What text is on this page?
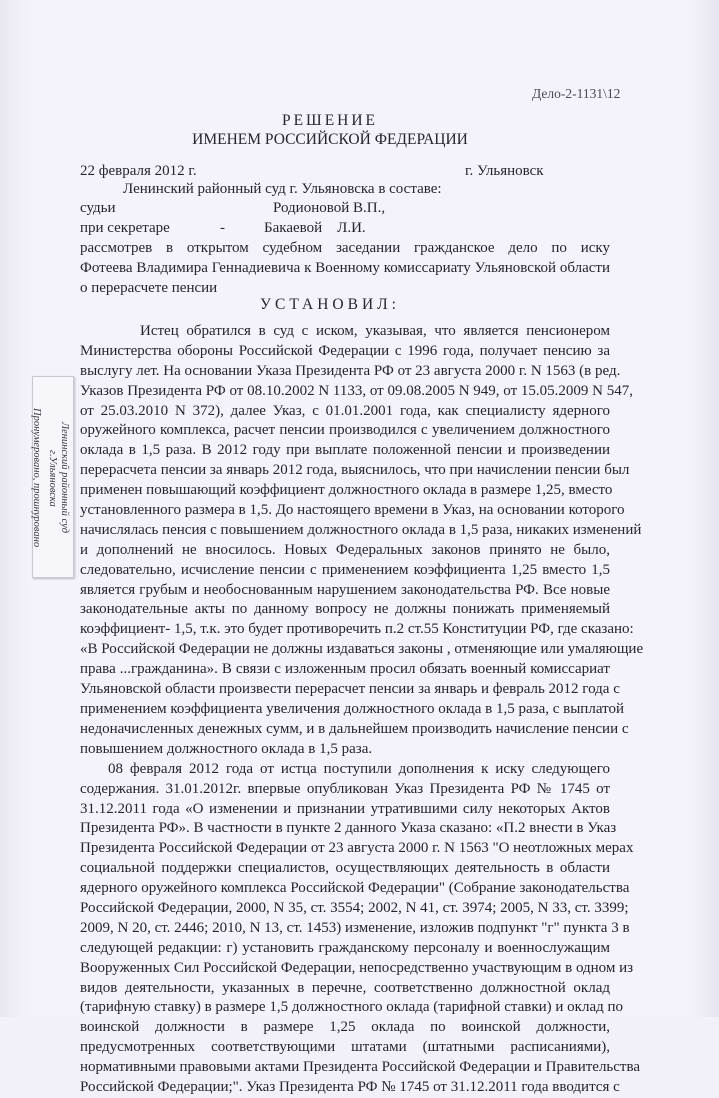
Дело-2-1131\12
РЕШЕНИЕ
ИМЕНЕМ РОССИЙСКОЙ ФЕДЕРАЦИИ
22 февраля 2012 г.	г. Ульяновск
Ленинский районный суд г. Ульяновска в составе:
судьи	Родионовой В.П.,
при секретаре	-	Бакаевой    Л.И.
рассмотрев в открытом судебном заседании гражданское дело по иску
Фотеева Владимира Геннадиевича к Военному комиссариату Ульяновской области
о перерасчете пенсии
УСТАНОВИЛ:
Истец обратился в суд с иском, указывая, что является пенсионером
Министерства обороны Российской Федерации с 1996 года, получает пенсию за
выслугу лет. На основании Указа Президента РФ от 23 августа 2000 г. N 1563 (в ред.
Указов Президента РФ от 08.10.2002 N 1133, от 09.08.2005 N 949, от 15.05.2009 N 547,
от 25.03.2010 N 372), далее Указ, с 01.01.2001 года, как специалисту ядерного
оружейного комплекса, расчет пенсии производился с увеличением должностного
оклада в 1,5 раза. В 2012 году при выплате положенной пенсии и произведении
перерасчета пенсии за январь 2012 года, выяснилось, что при начислении пенсии был
применен повышающий коэффициент должностного оклада в размере 1,25, вместо
установленного размера в 1,5. До настоящего времени в Указ, на основании которого
начислялась пенсия с повышением должностного оклада в 1,5 раза, никаких изменений
и дополнений не вносилось. Новых Федеральных законов принято не было,
следовательно, исчисление пенсии с применением коэффициента 1,25 вместо 1,5
является грубым и необоснованным нарушением законодательства РФ. Все новые
законодательные акты по данному вопросу не должны понижать применяемый
коэффициент- 1,5, т.к. это будет противоречить п.2 ст.55 Конституции РФ, где сказано:
«В Российской Федерации не должны издаваться законы , отменяющие или умаляющие
права ...гражданина». В связи с изложенным просил обязать военный комиссариат
Ульяновской области произвести перерасчет пенсии за январь и февраль 2012 года с
применением коэффициента увеличения должностного оклада в 1,5 раза, с выплатой
недоначисленных денежных сумм, и в дальнейшем производить начисление пенсии с
повышением должностного оклада в 1,5 раза.
08 февраля 2012 года от истца поступили дополнения к иску следующего
содержания. 31.01.2012г. впервые опубликован Указ Президента РФ № 1745 от
31.12.2011 года «О изменении и признании утратившими силу некоторых Актов
Президента РФ». В частности в пункте 2 данного Указа сказано: «П.2 внести в Указ
Президента Российской Федерации от 23 августа 2000 г. N 1563 "О неотложных мерах
социальной поддержки специалистов, осуществляющих деятельность в области
ядерного оружейного комплекса Российской Федерации" (Собрание законодательства
Российской Федерации, 2000, N 35, ст. 3554; 2002, N 41, ст. 3974; 2005, N 33, ст. 3399;
2009, N 20, ст. 2446; 2010, N 13, ст. 1453) изменение, изложив подпункт "г" пункта 3 в
следующей редакции: г) установить гражданскому персоналу и военнослужащим
Вооруженных Сил Российской Федерации, непосредственно участвующим в одном из
видов деятельности, указанных в перечне, соответственно должностной оклад
(тарифную ставку) в размере 1,5 должностного оклада (тарифной ставки) и оклад по
воинской должности в размере 1,25 оклада по воинской должности,
предусмотренных соответствующими штатами (штатными расписаниями),
нормативными правовыми актами Президента Российской Федерации и Правительства
Российской Федерации;". Указ Президента РФ № 1745 от 31.12.2011 года вводится с
Ленинский районный суд
г.Ульяновска
Пронумеровано, прошнуровано
